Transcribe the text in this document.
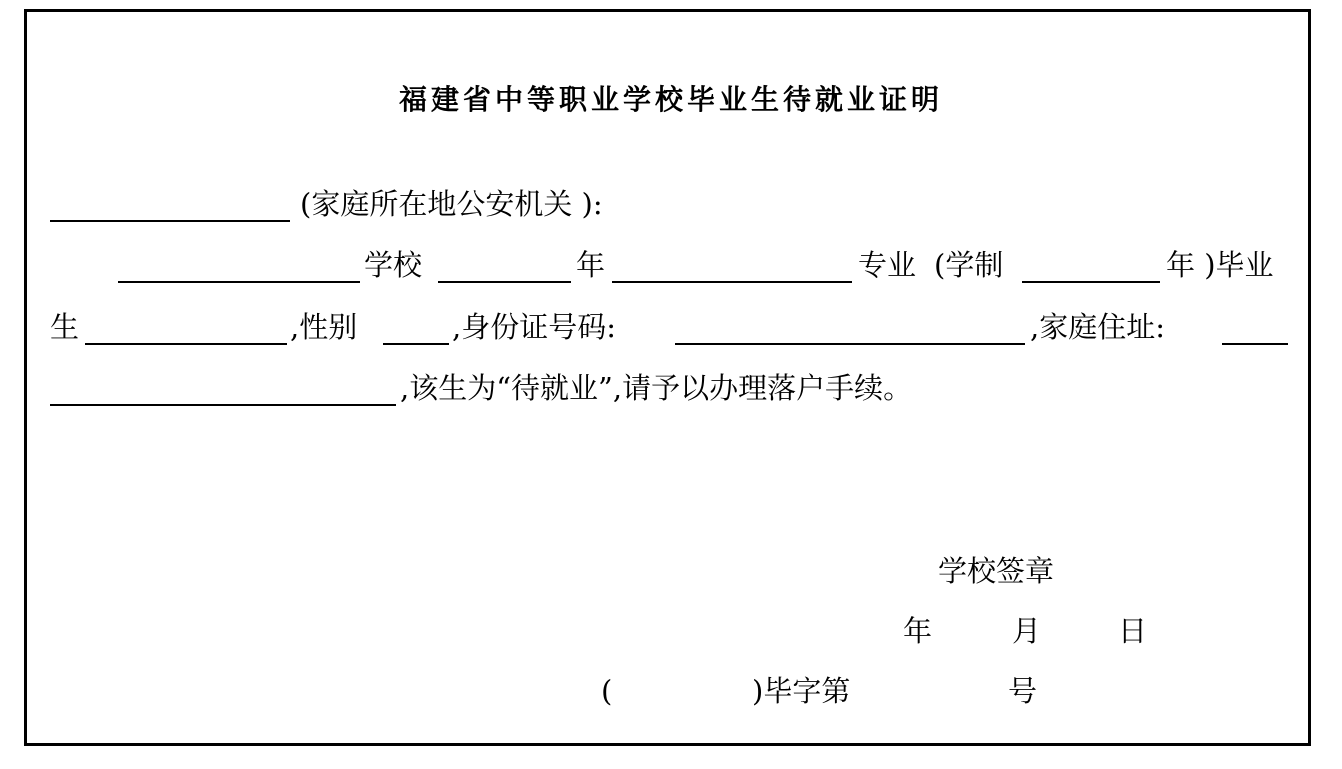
福建省中等职业学校毕业生待就业证明
(家庭所在地公安机关 ):
学校	年	专业 (学制	年 )毕业
生	,性别	,身份证号码:	,家庭住址:
,该生为“待就业”,请予以办理落户手续。
学校签章
年	月	日
(	)毕字第	号
